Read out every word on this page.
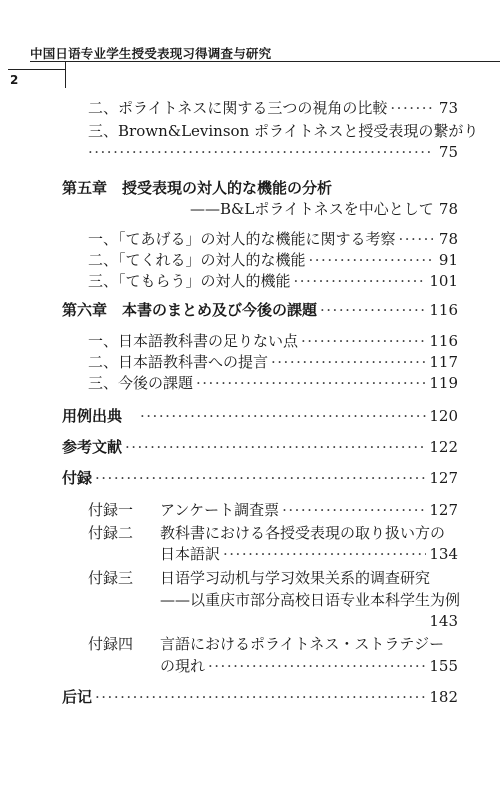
中国日语专业学生授受表现习得调查与研究
2
二、ポライトネスに関する三つの視角の比較 ·····	73
三、Brown&Levinson ポライトネスと授受表現の繋がり
·····
75
第五章　授受表現の対人的な機能の分析
——B&Lポライトネスを中心として 78
一、「てあげる」の対人的な機能に関する考察 ·····	78
二、「てくれる」の対人的な機能 ·····	91
三、「てもらう」の対人的機能 ·····	101
第六章　本書のまとめ及び今後の課題 ·····	116
一、日本語教科書の足りない点 ·····	116
二、日本語教科書への提言 ·····	117
三、今後の課題 ·····	119
用例出典 ·····	120
参考文献 ·····	122
付録 ·····	127
付録一 アンケート調査票 ·····	127
付録二 教科書における各授受表現の取り扱い方の
日本語訳 ·····	134
付録三 日语学习动机与学习效果关系的调查研究
——以重庆市部分高校日语专业本科学生为例
143
付録四 言語におけるポライトネス・ストラテジー
の現れ ·····	155
后记 ·····	182
